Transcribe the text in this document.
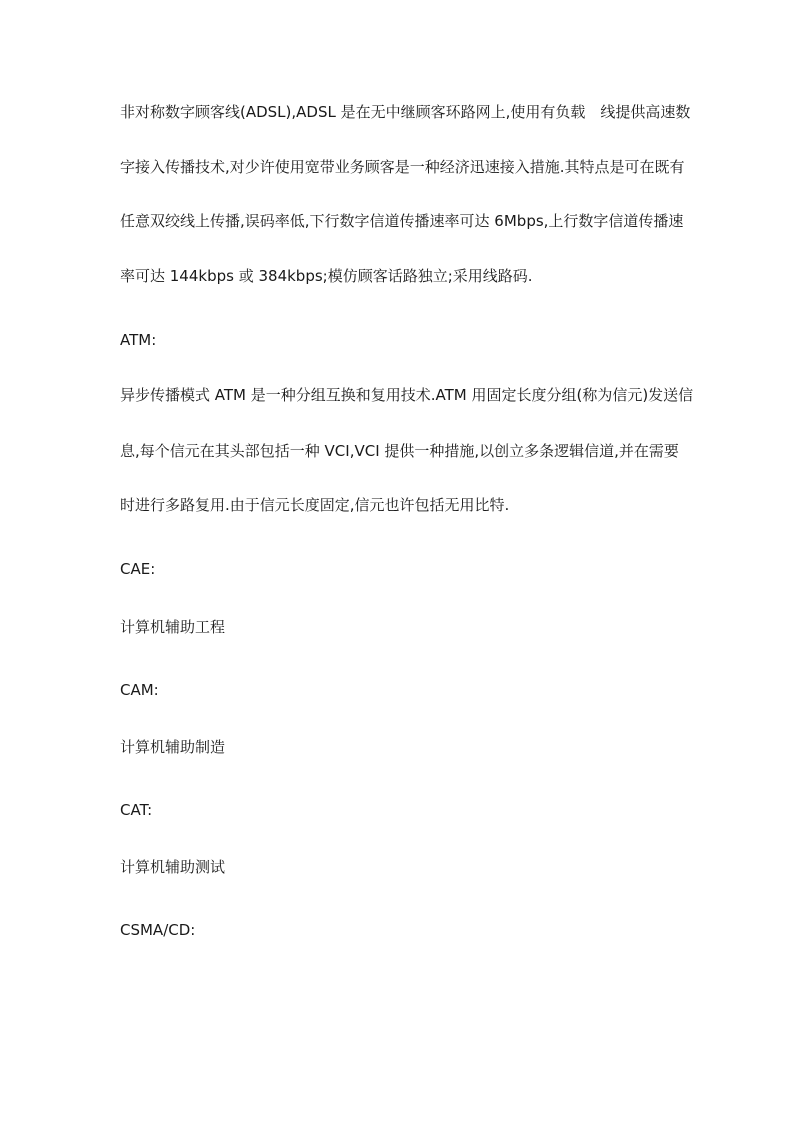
非对称数字顾客线(ADSL),ADSL 是在无中继顾客环路网上,使用有负载　线提供高速数

字接入传播技术,对少许使用宽带业务顾客是一种经济迅速接入措施.其特点是可在既有

任意双绞线上传播,误码率低,下行数字信道传播速率可达 6Mbps,上行数字信道传播速

率可达 144kbps 或 384kbps;模仿顾客话路独立;采用线路码.

ATM:

异步传播模式 ATM 是一种分组互换和复用技术.ATM 用固定长度分组(称为信元)发送信

息,每个信元在其头部包括一种 VCI,VCI 提供一种措施,以创立多条逻辑信道,并在需要

时进行多路复用.由于信元长度固定,信元也许包括无用比特.

CAE:

计算机辅助工程

CAM:

计算机辅助制造

CAT:

计算机辅助测试

CSMA/CD:
